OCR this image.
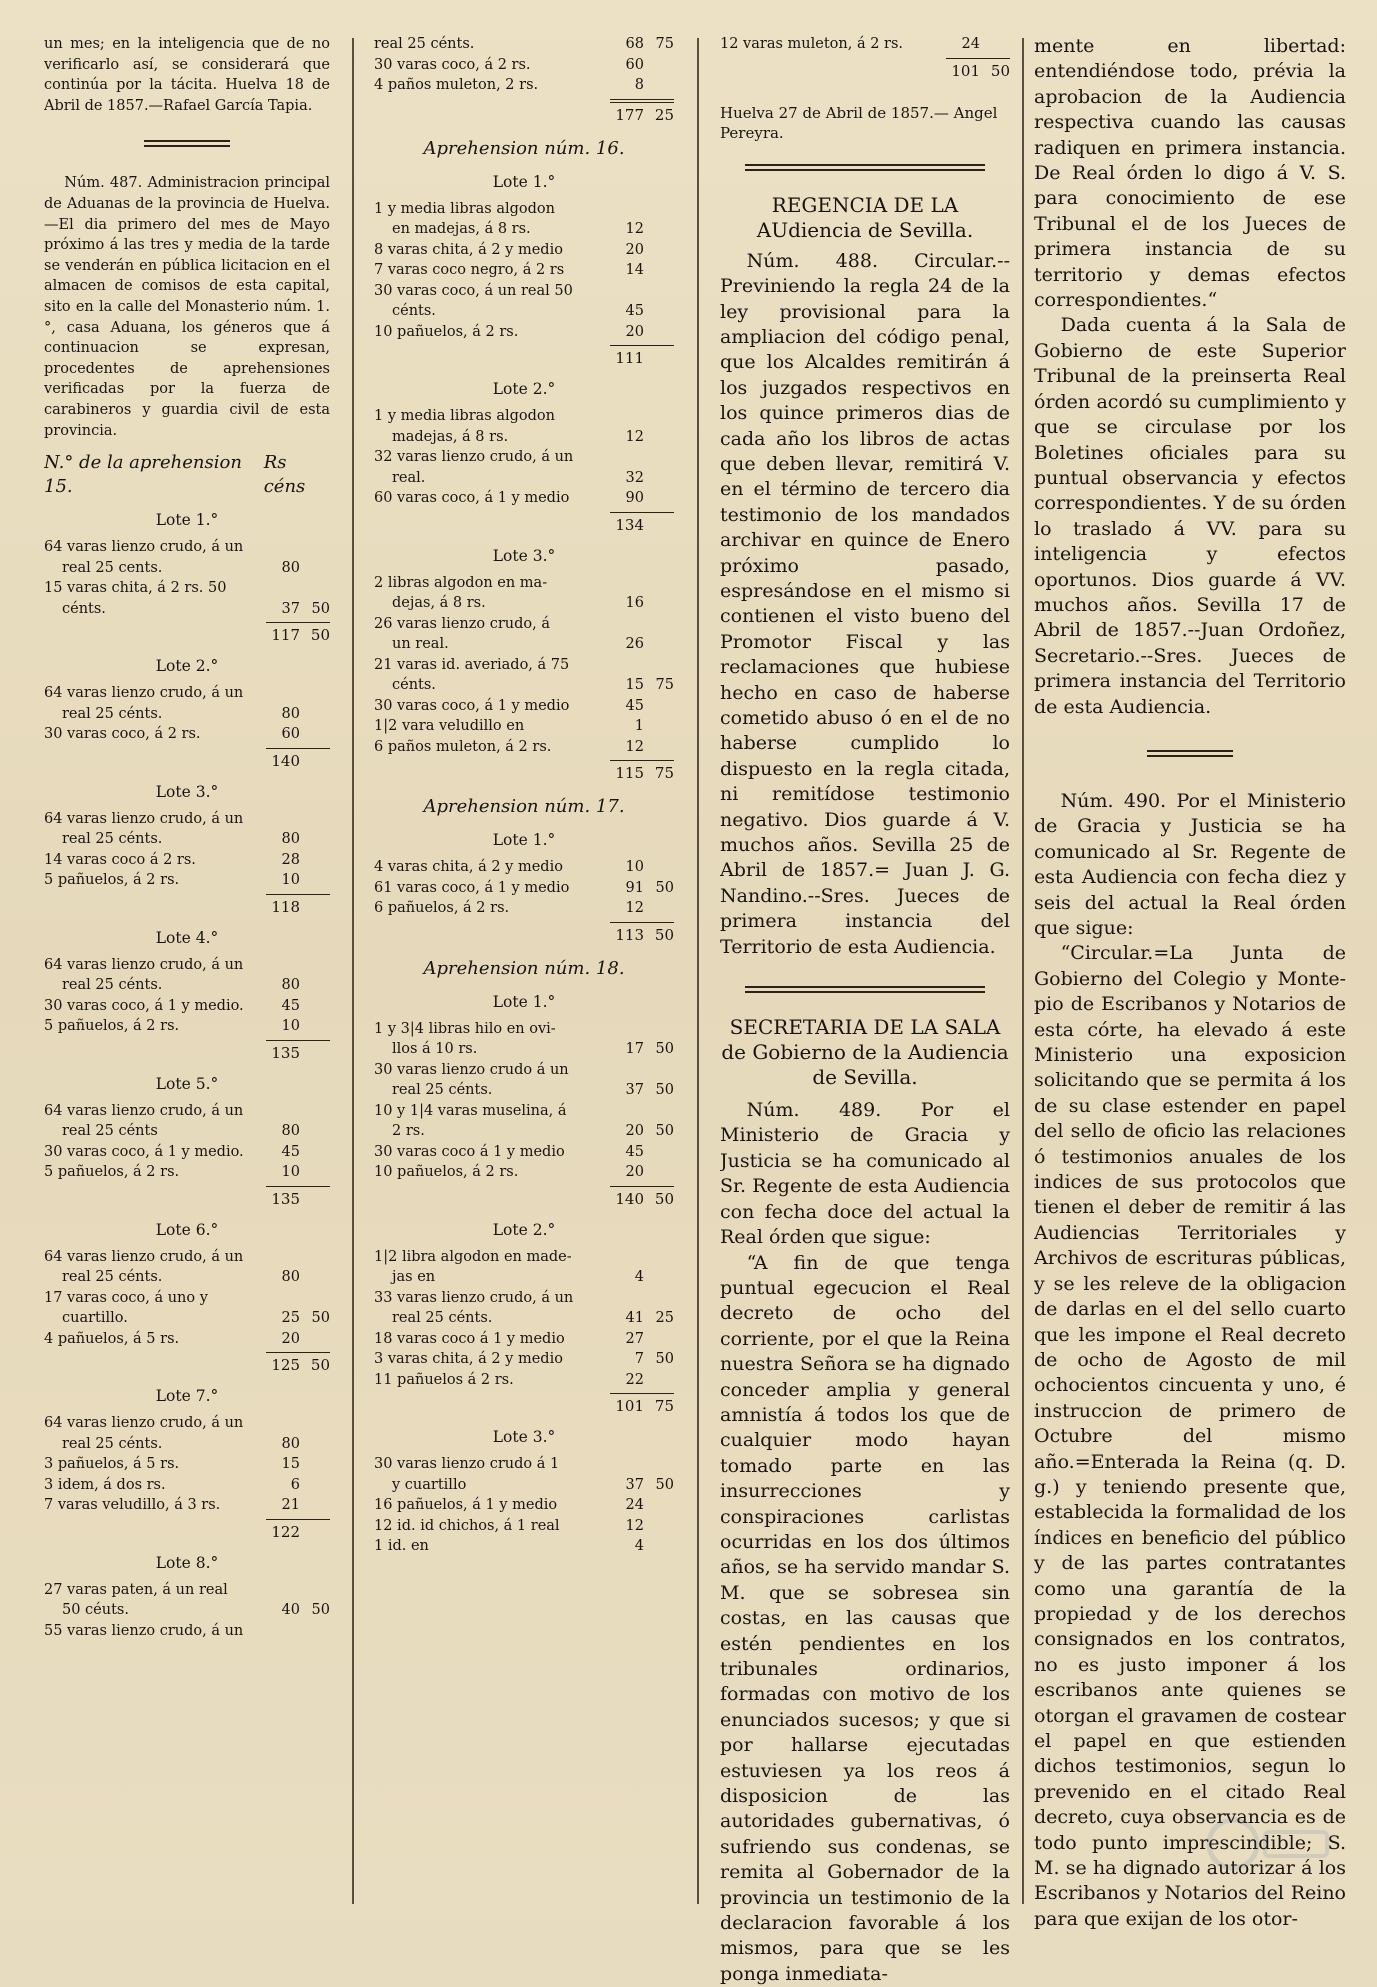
un mes; en la inteligencia que de no verificarlo así, se considerará que continúa por la tácita. Huelva 18 de Abril de 1857.—Rafael García Tapia.

Núm. 487. Administracion principal de Aduanas de la provincia de Huelva.—El dia primero del mes de Mayo próximo á las tres y media de la tarde se venderán en pública licitacion en el almacen de comisos de esta capital, sito en la calle del Monasterio núm. 1.°, casa Aduana, los géneros que á continuacion se expresan, procedentes de aprehensiones verificadas por la fuerza de carabineros y guardia civil de esta provincia.

N.° de la aprehension 15.
Rs céns
Lote 1.°
64 varas lienzo crudo, á un
real 25 cents.	80
15 varas chita, á 2 rs. 50
cénts.	37 50
117 50
Lote 2.°
64 varas lienzo crudo, á un
real 25 cénts.	80
30 varas coco, á 2 rs.	60
140
Lote 3.°
64 varas lienzo crudo, á un
real 25 cénts.	80
14 varas coco á 2 rs.	28
5 pañuelos, á 2 rs.	10
118
Lote 4.°
64 varas lienzo crudo, á un
real 25 cénts.	80
30 varas coco, á 1 y medio.	45
5 pañuelos, á 2 rs.	10
135
Lote 5.°
64 varas lienzo crudo, á un
real 25 cénts	80
30 varas coco, á 1 y medio.	45
5 pañuelos, á 2 rs.	10
135
Lote 6.°
64 varas lienzo crudo, á un
real 25 cénts.	80
17 varas coco, á uno y
cuartillo.	25 50
4 pañuelos, á 5 rs.	20
125 50
Lote 7.°
64 varas lienzo crudo, á un
real 25 cénts.	80
3 pañuelos, á 5 rs.	15
3 idem, á dos rs.	6
7 varas veludillo, á 3 rs.	21
122
Lote 8.°
27 varas paten, á un real
50 céuts.	40 50
55 varas lienzo crudo, á un
real 25 cénts.	68 75
30 varas coco, á 2 rs.	60
4 paños muleton, 2 rs.	8
177 25
Aprehension núm. 16.
Lote 1.°
1 y media libras algodon
en madejas, á 8 rs.	12
8 varas chita, á 2 y medio	20
7 varas coco negro, á 2 rs	14
30 varas coco, á un real 50
cénts.	45
10 pañuelos, á 2 rs.	20
111
Lote 2.°
1 y media libras algodon
madejas, á 8 rs.	12
32 varas lienzo crudo, á un
real.	32
60 varas coco, á 1 y medio	90
134
Lote 3.°
2 libras algodon en ma-
dejas, á 8 rs.	16
26 varas lienzo crudo, á
un real.	26
21 varas id. averiado, á 75
cénts.	15 75
30 varas coco, á 1 y medio	45
1|2 vara veludillo en	1
6 paños muleton, á 2 rs.	12
115 75
Aprehension núm. 17.
Lote 1.°
4 varas chita, á 2 y medio	10
61 varas coco, á 1 y medio	91 50
6 pañuelos, á 2 rs.	12
113 50
Aprehension núm. 18.
Lote 1.°
1 y 3|4 libras hilo en ovi-
llos á 10 rs.	17 50
30 varas lienzo crudo á un
real 25 cénts.	37 50
10 y 1|4 varas muselina, á
2 rs.	20 50
30 varas coco á 1 y medio	45
10 pañuelos, á 2 rs.	20
140 50
Lote 2.°
1|2 libra algodon en made-
jas en	4
33 varas lienzo crudo, á un
real 25 cénts.	41 25
18 varas coco á 1 y medio	27
3 varas chita, á 2 y medio	7 50
11 pañuelos á 2 rs.	22
101 75
Lote 3.°
30 varas lienzo crudo á 1
y cuartillo	37 50
16 pañuelos, á 1 y medio	24
12 id. id chichos, á 1 real	12
1 id. en	4
12 varas muleton, á 2 rs.	24
101 50

Huelva 27 de Abril de 1857.— Angel Pereyra.

REGENCIA DE LA AUdiencia de Sevilla.

Núm. 488. Circular.--Previniendo la regla 24 de la ley provisional para la ampliacion del código penal, que los Alcaldes remitirán á los juzgados respectivos en los quince primeros dias de cada año los libros de actas que deben llevar, remitirá V. en el término de tercero dia testimonio de los mandados archivar en quince de Enero próximo pasado, espresándose en el mismo si contienen el visto bueno del Promotor Fiscal y las reclamaciones que hubiese hecho en caso de haberse cometido abuso ó en el de no haberse cumplido lo dispuesto en la regla citada, ni remitídose testimonio negativo. Dios guarde á V. muchos años. Sevilla 25 de Abril de 1857.= Juan J. G. Nandino.--Sres. Jueces de primera instancia del Territorio de esta Audiencia.

SECRETARIA DE LA SALA de Gobierno de la Audiencia de Sevilla.

Núm. 489. Por el Ministerio de Gracia y Justicia se ha comunicado al Sr. Regente de esta Audiencia con fecha doce del actual la Real órden que sigue:

“A fin de que tenga puntual egecucion el Real decreto de ocho del corriente, por el que la Reina nuestra Señora se ha dignado conceder amplia y general amnistía á todos los que de cualquier modo hayan tomado parte en las insurrecciones y conspiraciones carlistas ocurridas en los dos últimos años, se ha servido mandar S. M. que se sobresea sin costas, en las causas que estén pendientes en los tribunales ordinarios, formadas con motivo de los enunciados sucesos; y que si por hallarse ejecutadas estuviesen ya los reos á disposicion de las autoridades gubernativas, ó sufriendo sus condenas, se remita al Gobernador de la provincia un testimonio de la declaracion favorable á los mismos, para que se les ponga inmediata-

mente en libertad: entendiéndose todo, prévia la aprobacion de la Audiencia respectiva cuando las causas radiquen en primera instancia. De Real órden lo digo á V. S. para conocimiento de ese Tribunal el de los Jueces de primera instancia de su territorio y demas efectos correspondientes.“

Dada cuenta á la Sala de Gobierno de este Superior Tribunal de la preinserta Real órden acordó su cumplimiento y que se circulase por los Boletines oficiales para su puntual observancia y efectos correspondientes. Y de su órden lo traslado á VV. para su inteligencia y efectos oportunos. Dios guarde á VV. muchos años. Sevilla 17 de Abril de 1857.--Juan Ordoñez, Secretario.--Sres. Jueces de primera instancia del Territorio de esta Audiencia.

Núm. 490. Por el Ministerio de Gracia y Justicia se ha comunicado al Sr. Regente de esta Audiencia con fecha diez y seis del actual la Real órden que sigue:

“Circular.=La Junta de Gobierno del Colegio y Monte-pio de Escribanos y Notarios de esta córte, ha elevado á este Ministerio una exposicion solicitando que se permita á los de su clase estender en papel del sello de oficio las relaciones ó testimonios anuales de los indices de sus protocolos que tienen el deber de remitir á las Audiencias Territoriales y Archivos de escrituras públicas, y se les releve de la obligacion de darlas en el del sello cuarto que les impone el Real decreto de ocho de Agosto de mil ochocientos cincuenta y uno, é instruccion de primero de Octubre del mismo año.=Enterada la Reina (q. D. g.) y teniendo presente que, establecida la formalidad de los índices en beneficio del público y de las partes contratantes como una garantía de la propiedad y de los derechos consignados en los contratos, no es justo imponer á los escribanos ante quienes se otorgan el gravamen de costear el papel en que estienden dichos testimonios, segun lo prevenido en el citado Real decreto, cuya observancia es de todo punto imprescindible; S. M. se ha dignado autorizar á los Escribanos y Notarios del Reino para que exijan de los otor-
